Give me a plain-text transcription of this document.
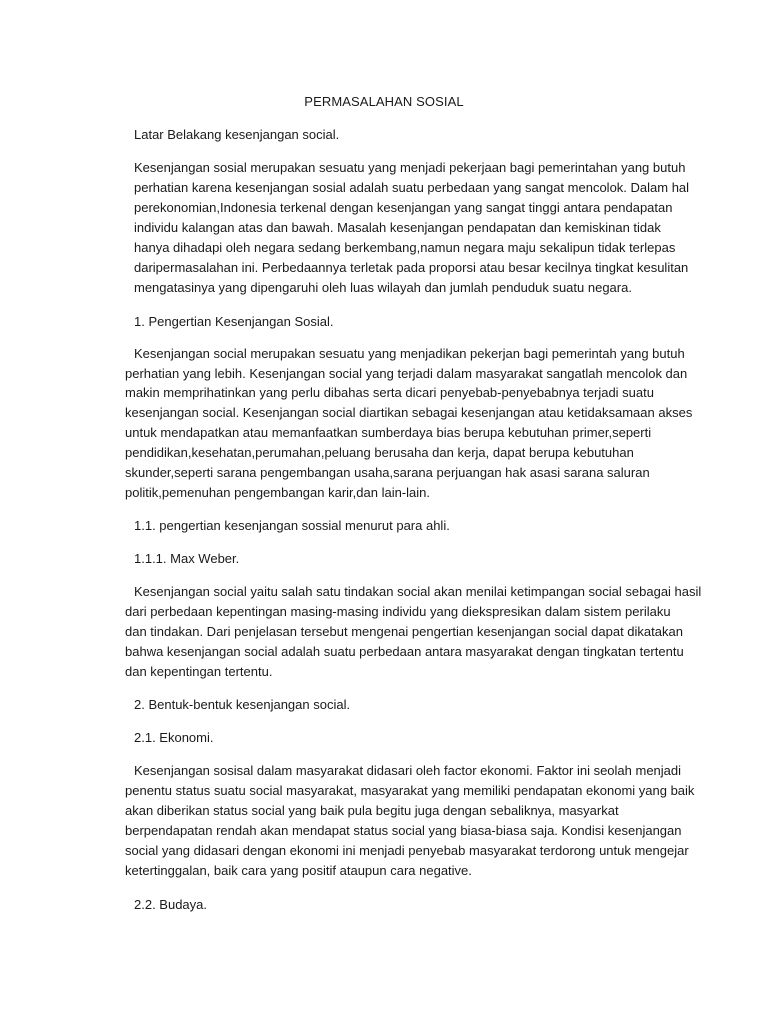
PERMASALAHAN SOSIAL
Latar Belakang kesenjangan social.
Kesenjangan sosial merupakan sesuatu yang menjadi pekerjaan bagi pemerintahan yang butuh
perhatian karena kesenjangan sosial adalah suatu perbedaan yang sangat mencolok. Dalam hal
perekonomian,Indonesia terkenal dengan kesenjangan yang sangat tinggi antara pendapatan
individu kalangan atas dan bawah. Masalah kesenjangan pendapatan dan kemiskinan tidak
hanya dihadapi oleh negara sedang berkembang,namun negara maju sekalipun tidak terlepas
daripermasalahan ini. Perbedaannya terletak pada proporsi atau besar kecilnya tingkat kesulitan
mengatasinya yang dipengaruhi oleh luas wilayah dan jumlah penduduk suatu negara.
1. Pengertian Kesenjangan Sosial.
Kesenjangan social merupakan sesuatu yang menjadikan pekerjan bagi pemerintah yang butuh
perhatian yang lebih. Kesenjangan social yang terjadi dalam masyarakat sangatlah mencolok dan
makin memprihatinkan yang perlu dibahas serta dicari penyebab-penyebabnya terjadi suatu
kesenjangan social. Kesenjangan social diartikan sebagai kesenjangan atau ketidaksamaan akses
untuk mendapatkan atau memanfaatkan sumberdaya bias berupa kebutuhan primer,seperti
pendidikan,kesehatan,perumahan,peluang berusaha dan kerja, dapat berupa kebutuhan
skunder,seperti sarana pengembangan usaha,sarana perjuangan hak asasi sarana saluran
politik,pemenuhan pengembangan karir,dan lain-lain.
1.1. pengertian kesenjangan sossial menurut para ahli.
1.1.1. Max Weber.
Kesenjangan social yaitu salah satu tindakan social akan menilai ketimpangan social sebagai hasil
dari perbedaan kepentingan masing-masing individu yang diekspresikan dalam sistem perilaku
dan tindakan. Dari penjelasan tersebut mengenai pengertian kesenjangan social dapat dikatakan
bahwa kesenjangan social adalah suatu perbedaan antara masyarakat dengan tingkatan tertentu
dan kepentingan tertentu.
2. Bentuk-bentuk kesenjangan social.
2.1. Ekonomi.
Kesenjangan sosisal dalam masyarakat didasari oleh factor ekonomi. Faktor ini seolah menjadi
penentu status suatu social masyarakat, masyarakat yang memiliki pendapatan ekonomi yang baik
akan diberikan status social yang baik pula begitu juga dengan sebaliknya, masyarkat
berpendapatan rendah akan mendapat status social yang biasa-biasa saja. Kondisi kesenjangan
social yang didasari dengan ekonomi ini menjadi penyebab masyarakat terdorong untuk mengejar
ketertinggalan, baik cara yang positif ataupun cara negative.
2.2. Budaya.
